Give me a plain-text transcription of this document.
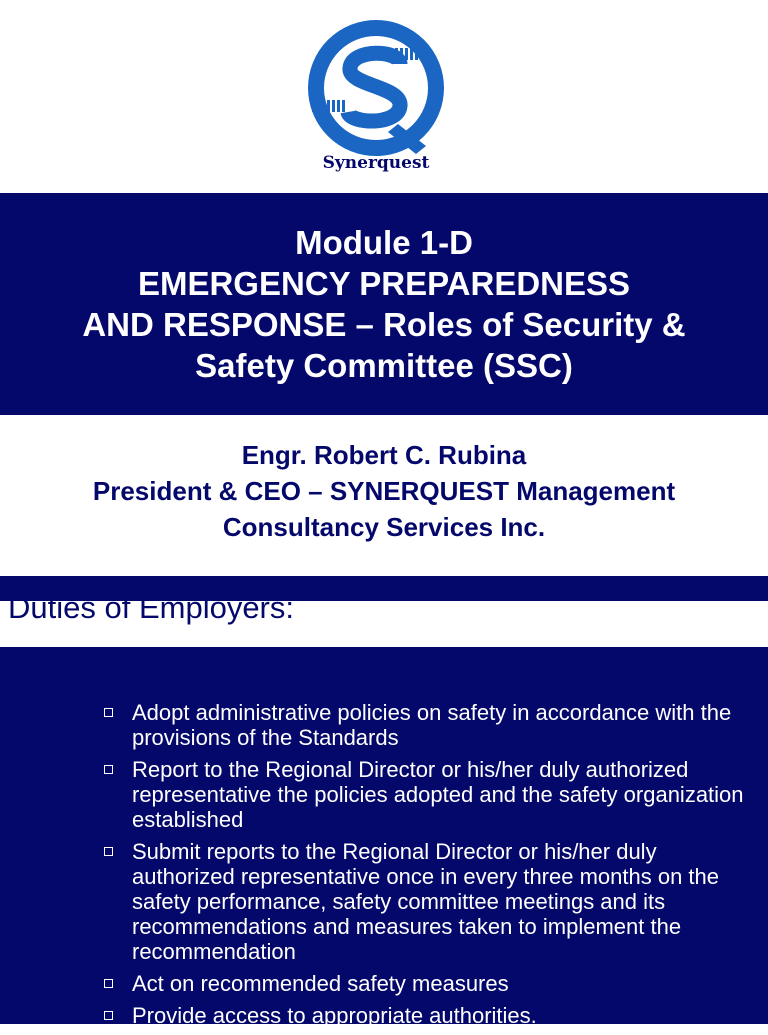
Synerquest
Module 1-D
EMERGENCY PREPAREDNESS
AND RESPONSE – Roles of Security &
Safety Committee (SSC)
Engr. Robert C. Rubina
President & CEO – SYNERQUEST Management
Consultancy Services Inc.
Duties of Employers:
Adopt administrative policies on safety in accordance with the provisions of the Standards
Report to the Regional Director or his/her duly authorized representative the policies adopted and the safety organization established
Submit reports to the Regional Director or his/her duly authorized representative once in every three months on the safety performance, safety committee meetings and its recommendations and measures taken to implement the recommendation
Act on recommended safety measures
Provide access to appropriate authorities.
